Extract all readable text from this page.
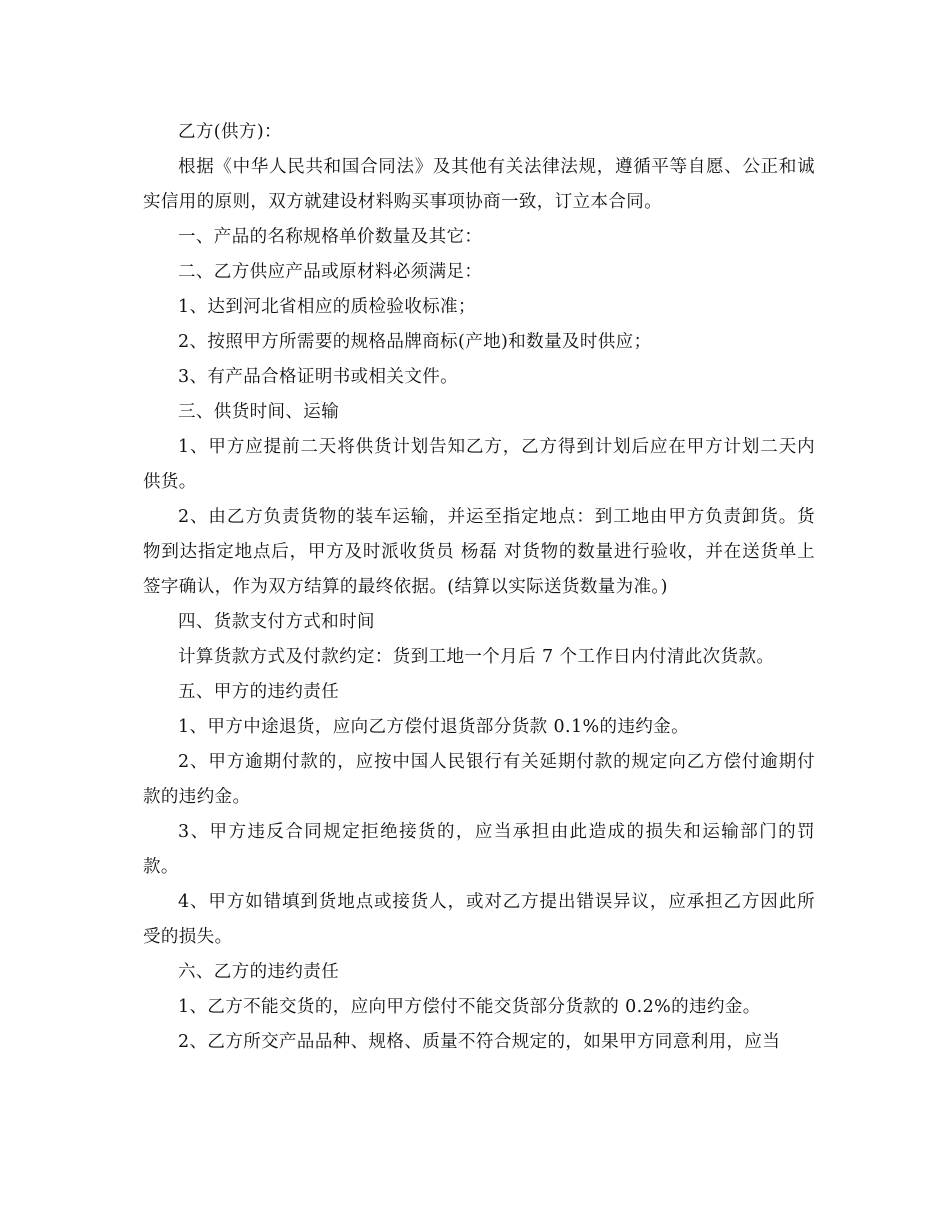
乙方(供方)：

根据《中华人民共和国合同法》及其他有关法律法规，遵循平等自愿、公正和诚实信用的原则，双方就建设材料购买事项协商一致，订立本合同。

一、产品的名称规格单价数量及其它：

二、乙方供应产品或原材料必须满足：

1、达到河北省相应的质检验收标准；

2、按照甲方所需要的规格品牌商标(产地)和数量及时供应；

3、有产品合格证明书或相关文件。

三、供货时间、运输

1、甲方应提前二天将供货计划告知乙方，乙方得到计划后应在甲方计划二天内供货。

2、由乙方负责货物的装车运输，并运至指定地点：到工地由甲方负责卸货。货物到达指定地点后，甲方及时派收货员 杨磊 对货物的数量进行验收，并在送货单上签字确认，作为双方结算的最终依据。(结算以实际送货数量为准。)

四、货款支付方式和时间

计算货款方式及付款约定：货到工地一个月后 7 个工作日内付清此次货款。

五、甲方的违约责任

1、甲方中途退货，应向乙方偿付退货部分货款 0.1%的违约金。

2、甲方逾期付款的，应按中国人民银行有关延期付款的规定向乙方偿付逾期付款的违约金。

3、甲方违反合同规定拒绝接货的，应当承担由此造成的损失和运输部门的罚款。

4、甲方如错填到货地点或接货人，或对乙方提出错误异议，应承担乙方因此所受的损失。

六、乙方的违约责任

1、乙方不能交货的，应向甲方偿付不能交货部分货款的 0.2%的违约金。

2、乙方所交产品品种、规格、质量不符合规定的，如果甲方同意利用，应当
